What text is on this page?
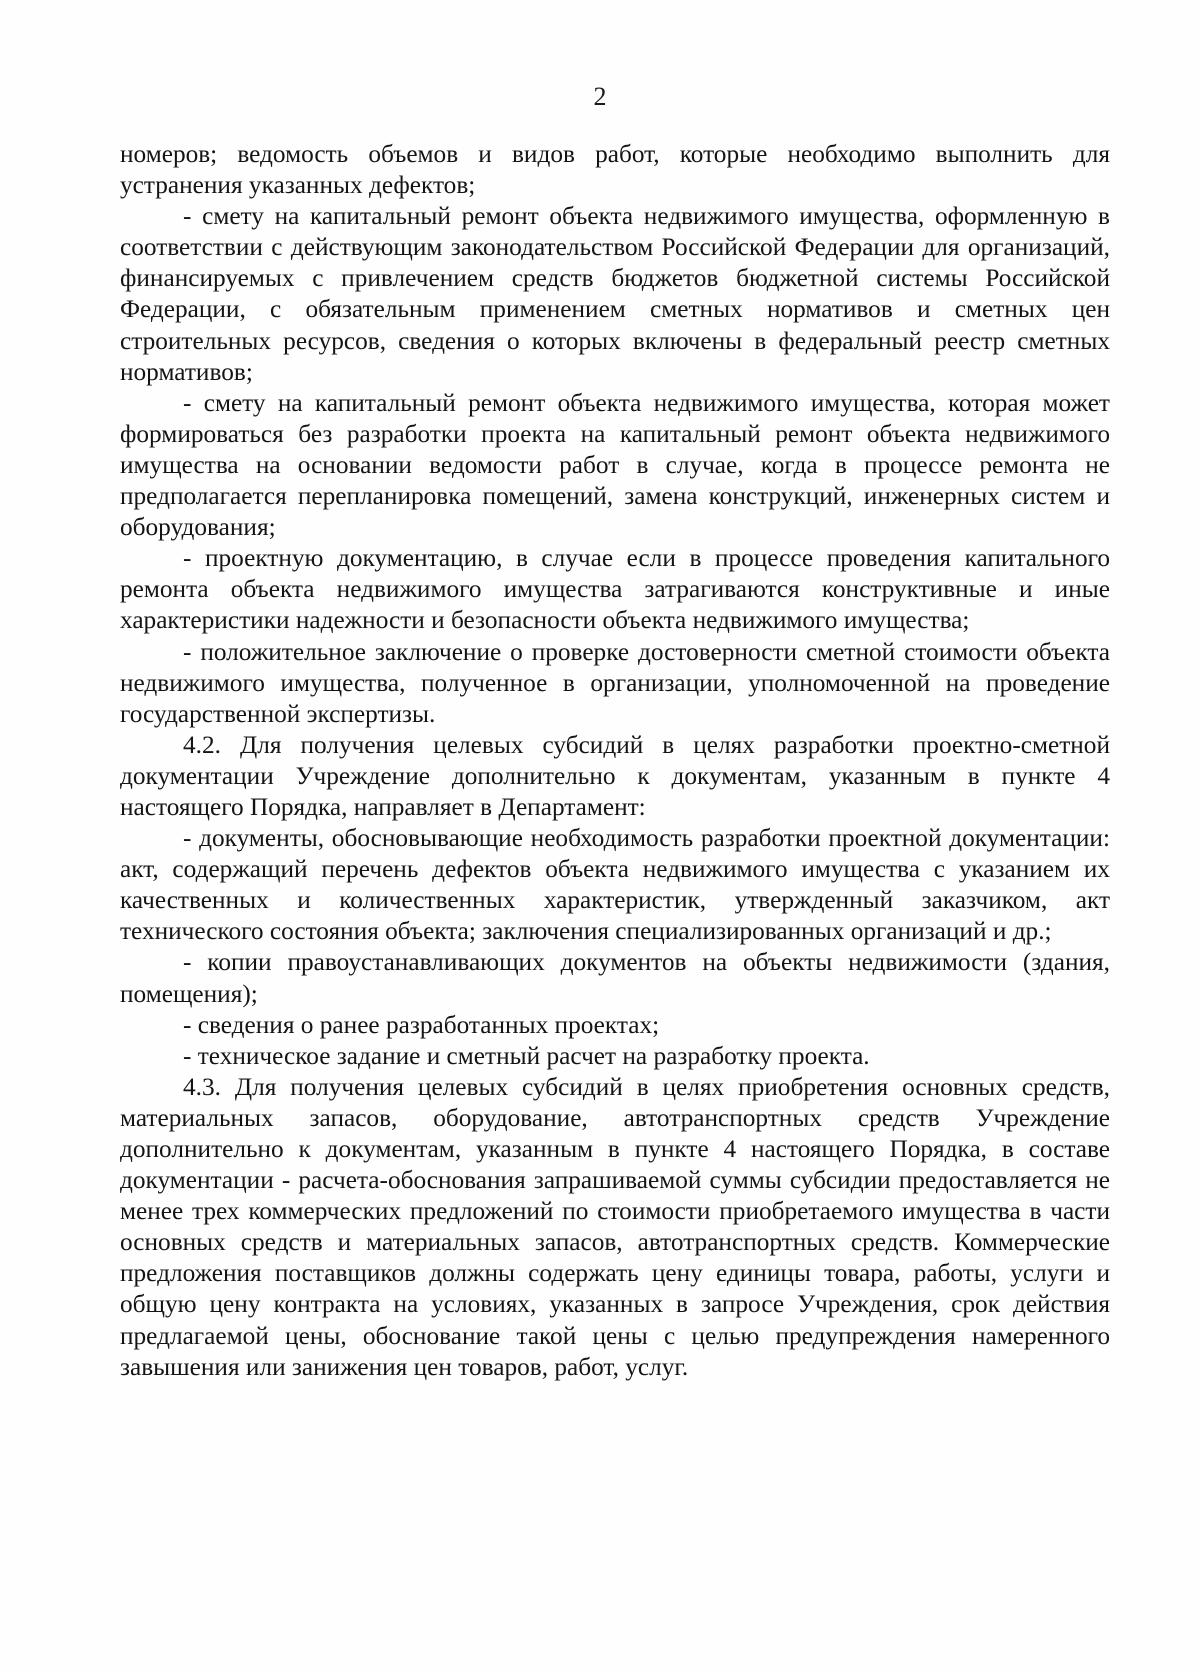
2

номеров; ведомость объемов и видов работ, которые необходимо выполнить для устранения указанных дефектов;

- смету на капитальный ремонт объекта недвижимого имущества, оформленную в соответствии с действующим законодательством Российской Федерации для организаций, финансируемых с привлечением средств бюджетов бюджетной системы Российской Федерации, с обязательным применением сметных нормативов и сметных цен строительных ресурсов, сведения о которых включены в федеральный реестр сметных нормативов;

- смету на капитальный ремонт объекта недвижимого имущества, которая может формироваться без разработки проекта на капитальный ремонт объекта недвижимого имущества на основании ведомости работ в случае, когда в процессе ремонта не предполагается перепланировка помещений, замена конструкций, инженерных систем и оборудования;

- проектную документацию, в случае если в процессе проведения капитального ремонта объекта недвижимого имущества затрагиваются конструктивные и иные характеристики надежности и безопасности объекта недвижимого имущества;

- положительное заключение о проверке достоверности сметной стоимости объекта недвижимого имущества, полученное в организации, уполномоченной на проведение государственной экспертизы.

4.2. Для получения целевых субсидий в целях разработки проектно-сметной документации Учреждение дополнительно к документам, указанным в пункте 4 настоящего Порядка, направляет в Департамент:

- документы, обосновывающие необходимость разработки проектной документации: акт, содержащий перечень дефектов объекта недвижимого имущества с указанием их качественных и количественных характеристик, утвержденный заказчиком, акт технического состояния объекта; заключения специализированных организаций и др.;

- копии правоустанавливающих документов на объекты недвижимости (здания, помещения);

- сведения о ранее разработанных проектах;

- техническое задание и сметный расчет на разработку проекта.

4.3. Для получения целевых субсидий в целях приобретения основных средств, материальных запасов, оборудование, автотранспортных средств Учреждение дополнительно к документам, указанным в пункте 4 настоящего Порядка, в составе документации - расчета-обоснования запрашиваемой суммы субсидии предоставляется не менее трех коммерческих предложений по стоимости приобретаемого имущества в части основных средств и материальных запасов, автотранспортных средств. Коммерческие предложения поставщиков должны содержать цену единицы товара, работы, услуги и общую цену контракта на условиях, указанных в запросе Учреждения, срок действия предлагаемой цены, обоснование такой цены с целью предупреждения намеренного завышения или занижения цен товаров, работ, услуг.
